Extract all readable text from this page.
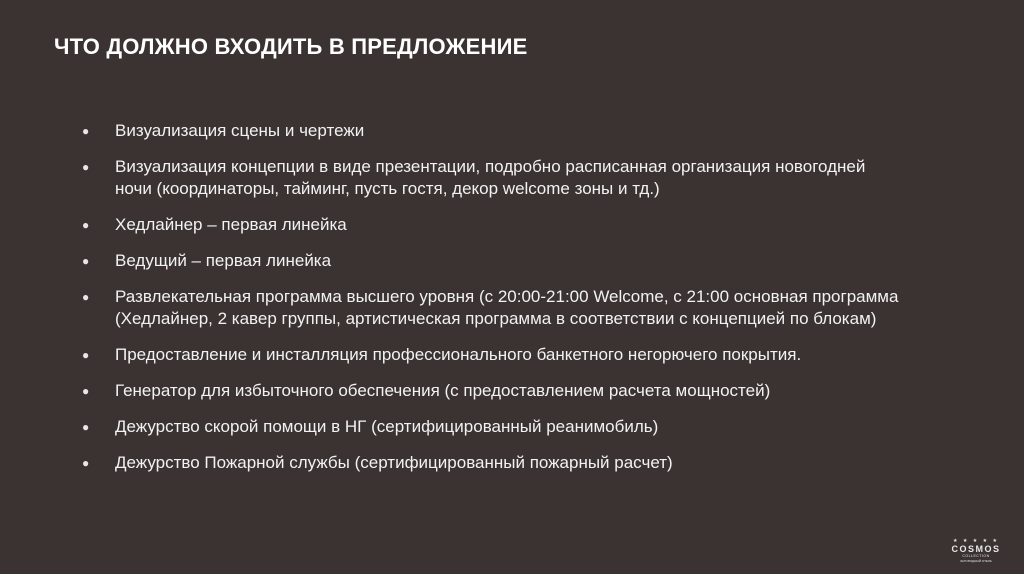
ЧТО ДОЛЖНО ВХОДИТЬ В ПРЕДЛОЖЕНИЕ
●	Визуализация сцены и чертежи
●	Визуализация концепции в виде презентации, подробно расписанная организация новогодней ночи (координаторы, тайминг, пусть гостя, декор welcome зоны и тд.)
●	Хедлайнер – первая линейка
●	Ведущий – первая линейка
●	Развлекательная программа высшего уровня (с 20:00-21:00 Welcome, с 21:00 основная программа (Хедлайнер, 2 кавер группы, артистическая программа в соответствии с концепцией по блокам)
●	Предоставление и инсталляция профессионального банкетного негорючего покрытия.
●	Генератор для избыточного обеспечения (с предоставлением расчета мощностей)
●	Дежурство скорой помощи в НГ (сертифицированный реанимобиль)
●	Дежурство Пожарной службы (сертифицированный пожарный расчет)
★ ★ ★ ★ ★
COSMOS
COLLECTION
ЗАГОРОДНЫЙ ОТЕЛЬ
